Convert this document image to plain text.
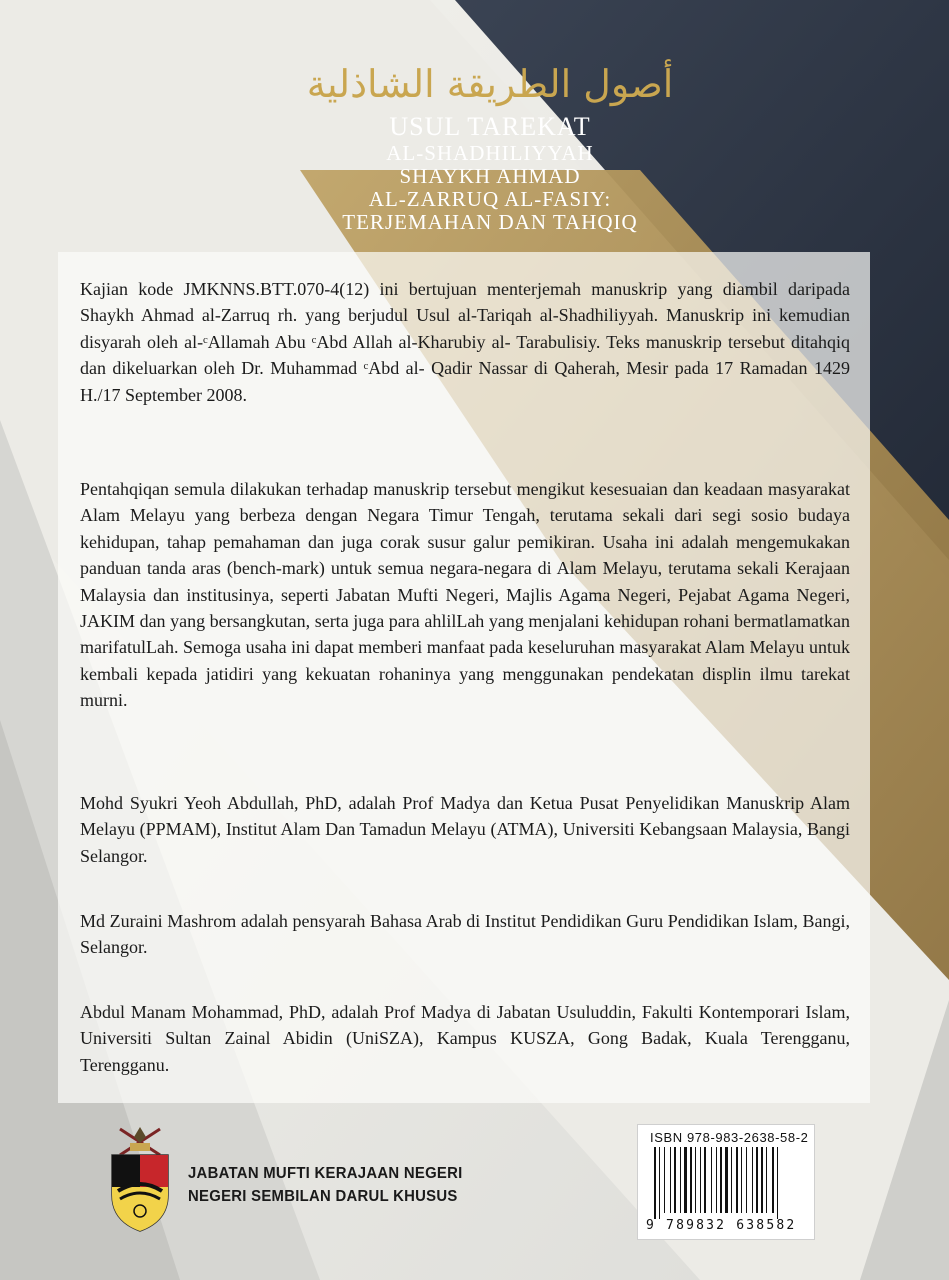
أصول الطريقة الشاذلية
USUL TAREKAT
AL-SHADHILIYYAH
SHAYKH AHMAD
AL-ZARRUQ AL-FASIY:
TERJEMAHAN DAN TAHQIQ

Kajian kode JMKNNS.BTT.070-4(12) ini bertujuan menterjemah manuskrip yang diambil daripada Shaykh Ahmad al-Zarruq rh. yang berjudul Usul al-Tariqah al-Shadhiliyyah. Manuskrip ini kemudian disyarah oleh al-ᶜAllamah Abu ᶜAbd Allah al-Kharubiy al- Tarabulisiy. Teks manuskrip tersebut ditahqiq dan dikeluarkan oleh Dr. Muhammad ᶜAbd al- Qadir Nassar di Qaherah, Mesir pada 17 Ramadan 1429 H./17 September 2008.

Pentahqiqan semula dilakukan terhadap manuskrip tersebut mengikut kesesuaian dan keadaan masyarakat Alam Melayu yang berbeza dengan Negara Timur Tengah, terutama sekali dari segi sosio budaya kehidupan, tahap pemahaman dan juga corak susur galur pemikiran. Usaha ini adalah mengemukakan panduan tanda aras (bench-mark) untuk semua negara-negara di Alam Melayu, terutama sekali Kerajaan Malaysia dan institusinya, seperti Jabatan Mufti Negeri, Majlis Agama Negeri, Pejabat Agama Negeri, JAKIM dan yang bersangkutan, serta juga para ahlilLah yang menjalani kehidupan rohani bermatlamatkan marifatulLah. Semoga usaha ini dapat memberi manfaat pada keseluruhan masyarakat Alam Melayu untuk kembali kepada jatidiri yang kekuatan rohaninya yang menggunakan pendekatan displin ilmu tarekat murni.

Mohd Syukri Yeoh Abdullah, PhD, adalah Prof Madya dan Ketua Pusat Penyelidikan Manuskrip Alam Melayu (PPMAM), Institut Alam Dan Tamadun Melayu (ATMA), Universiti Kebangsaan Malaysia, Bangi Selangor.

Md Zuraini Mashrom adalah pensyarah Bahasa Arab di Institut Pendidikan Guru Pendidikan Islam, Bangi, Selangor.

Abdul Manam Mohammad, PhD, adalah Prof Madya di Jabatan Usuluddin, Fakulti Kontemporari Islam, Universiti Sultan Zainal Abidin (UniSZA), Kampus KUSZA, Gong Badak, Kuala Terengganu, Terengganu.

JABATAN MUFTI KERAJAAN NEGERI
NEGERI SEMBILAN DARUL KHUSUS
ISBN 978-983-2638-58-2
9 789832 638582
